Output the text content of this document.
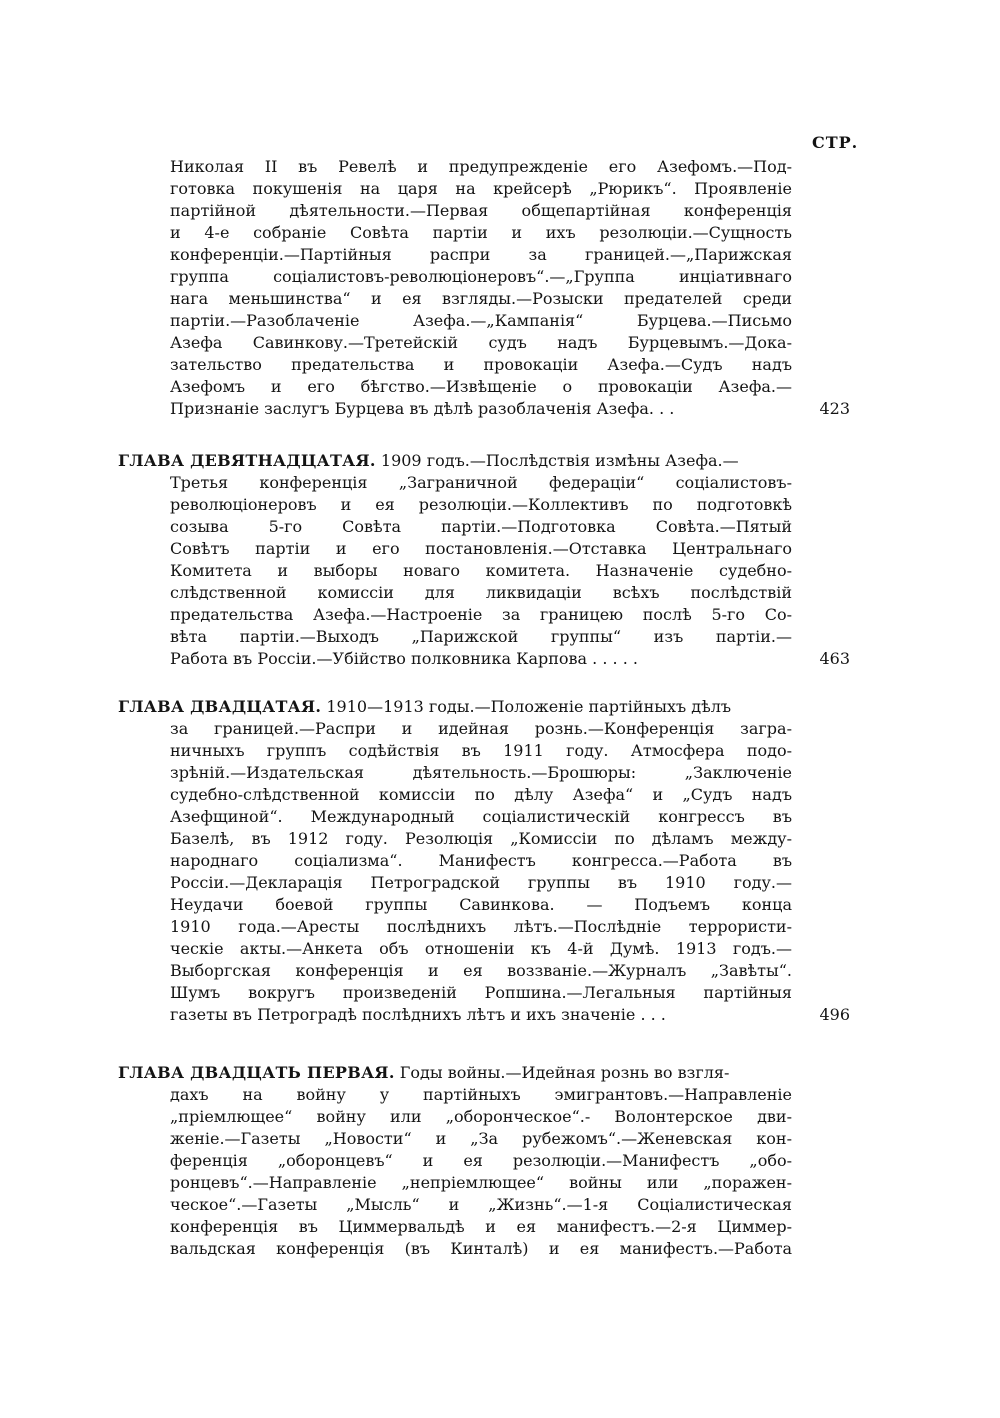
СТР.
Николая II въ Ревелѣ и предупрежденіе его Азефомъ.—Под-
готовка покушенія на царя на крейсерѣ „Рюрикъ“. Проявленіе
партійной дѣятельности.—Первая общепартійная конференція
и 4-е собраніе Совѣта партіи и ихъ резолюціи.—Сущность
конференціи.—Партійныя распри за границей.—„Парижская
группа соціалистовъ-революціонеровъ“.—„Группа инціативнаго
нага меньшинства“ и ея взгляды.—Розыски предателей среди
партіи.—Разоблаченіе Азефа.—„Кампанія“ Бурцева.—Письмо
Азефа Савинкову.—Третейскій судъ надъ Бурцевымъ.—Дока-
зательство предательства и провокаціи Азефа.—Судъ надъ
Азефомъ и его бѣгство.—Извѣщеніе о провокаціи Азефа.—
Признаніе заслугъ Бурцева въ дѣлѣ разоблаченія Азефа. . .	423
ГЛАВА ДЕВЯТНАДЦАТАЯ. 1909 годъ.—Послѣдствія измѣны Азефа.—
Третья конференція „Заграничной федераціи“ соціалистовъ-
революціонеровъ и ея резолюціи.—Коллективъ по подготовкѣ
созыва 5-го Совѣта партіи.—Подготовка Совѣта.—Пятый
Совѣтъ партіи и его постановленія.—Отставка Центральнаго
Комитета и выборы новаго комитета. Назначеніе судебно-
слѣдственной комиссіи для ликвидаціи всѣхъ послѣдствій
предательства Азефа.—Настроеніе за границею послѣ 5-го Со-
вѣта партіи.—Выходъ „Парижской группы“ изъ партіи.—
Работа въ Россіи.—Убійство полковника Карпова . . . . .	463
ГЛАВА ДВАДЦАТАЯ. 1910—1913 годы.—Положеніе партійныхъ дѣлъ
за границей.—Распри и идейная рознь.—Конференція загра-
ничныхъ группъ содѣйствія въ 1911 году. Атмосфера подо-
зрѣній.—Издательская дѣятельность.—Брошюры: „Заключеніе
судебно-слѣдственной комиссіи по дѣлу Азефа“ и „Судъ надъ
Азефщиной“. Международный соціалистическій конгрессъ въ
Базелѣ, въ 1912 году. Резолюція „Комиссіи по дѣламъ между-
народнаго соціализма“. Манифестъ конгресса.—Работа въ
Россіи.—Декларація Петроградской группы въ 1910 году.—
Неудачи боевой группы Савинкова. — Подъемъ конца
1910 года.—Аресты послѣднихъ лѣтъ.—Послѣдніе террористи-
ческіе акты.—Анкета объ отношеніи къ 4-й Думѣ. 1913 годъ.—
Выборгская конференція и ея воззваніе.—Журналъ „Завѣты“.
Шумъ вокругъ произведеній Ропшина.—Легальныя партійныя
газеты въ Петроградѣ послѣднихъ лѣтъ и ихъ значеніе . . .	496
ГЛАВА ДВАДЦАТЬ ПЕРВАЯ. Годы войны.—Идейная рознь во взгля-
дахъ на войну у партійныхъ эмигрантовъ.—Направленіе
„пріемлющее“ войну или „оборонческое“.- Волонтерское дви-
женіе.—Газеты „Новости“ и „За рубежомъ“.—Женевская кон-
ференція „оборонцевъ“ и ея резолюціи.—Манифестъ „обо-
ронцевъ“.—Направленіе „непріемлющее“ войны или „поражен-
ческое“.—Газеты „Мысль“ и „Жизнь“.—1-я Соціалистическая
конференція въ Циммервальдѣ и ея манифестъ.—2-я Циммер-
вальдская конференція (въ Кинталѣ) и ея манифестъ.—Работа
